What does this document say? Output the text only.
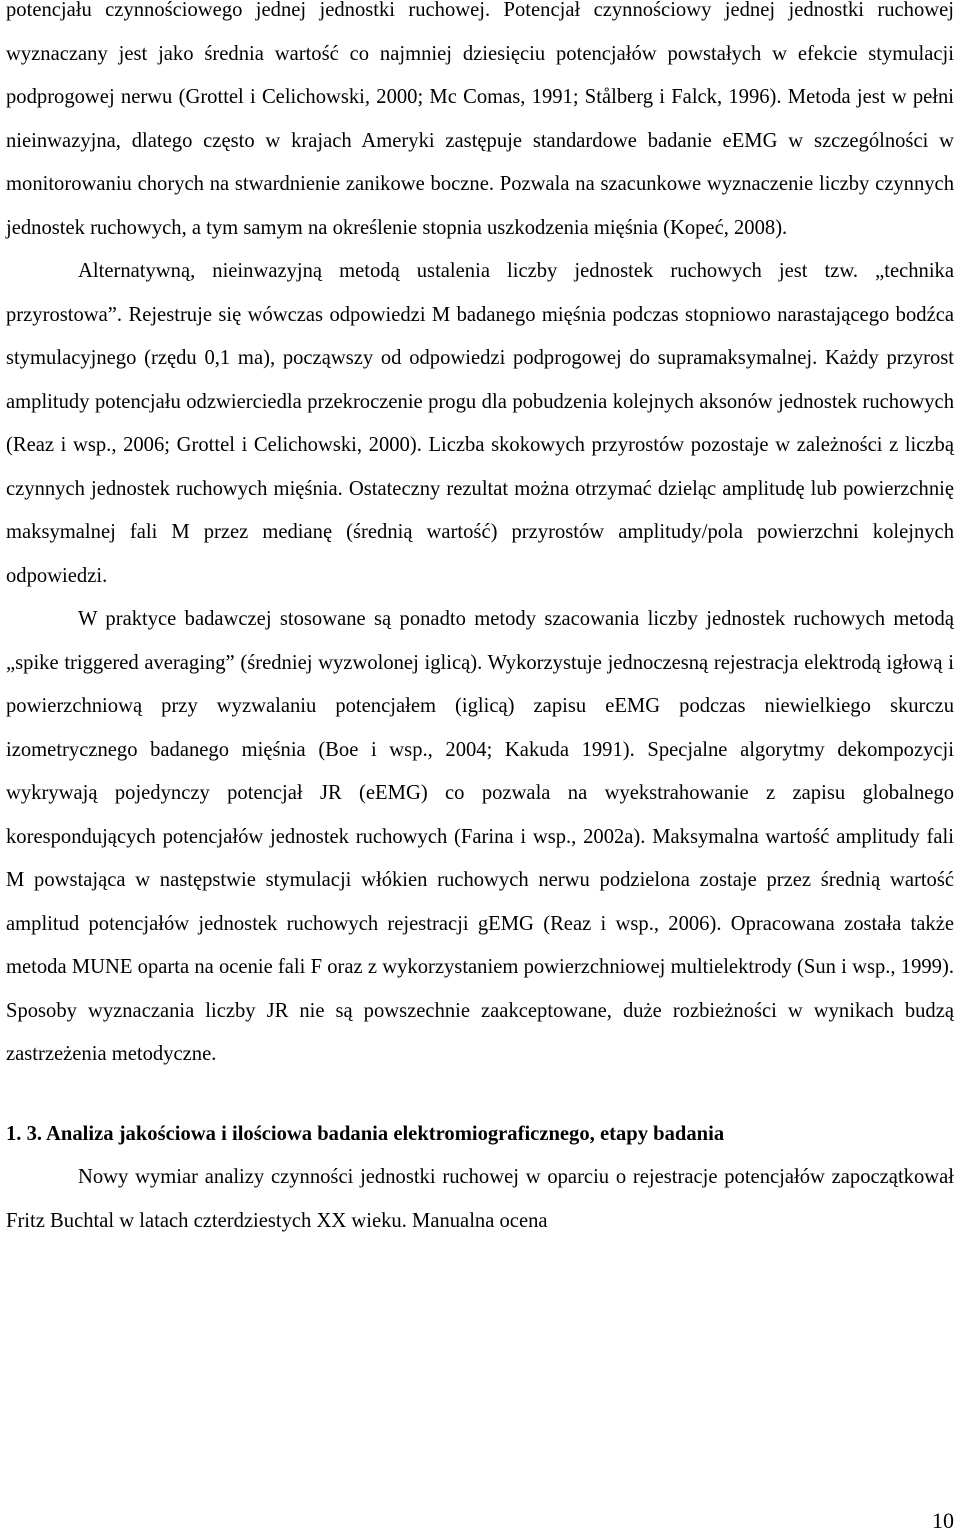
potencjału czynnościowego jednej jednostki ruchowej. Potencjał czynnościowy jednej jednostki ruchowej wyznaczany jest jako średnia wartość co najmniej dziesięciu potencjałów powstałych w efekcie stymulacji podprogowej nerwu (Grottel i Celichowski, 2000; Mc Comas, 1991; Stålberg i Falck, 1996). Metoda jest w pełni nieinwazyjna, dlatego często w krajach Ameryki zastępuje standardowe badanie eEMG w szczególności w monitorowaniu chorych na stwardnienie zanikowe boczne. Pozwala na szacunkowe wyznaczenie liczby czynnych jednostek ruchowych, a tym samym na określenie stopnia uszkodzenia mięśnia (Kopeć, 2008).

Alternatywną, nieinwazyjną metodą ustalenia liczby jednostek ruchowych jest tzw. „technika przyrostowa”. Rejestruje się wówczas odpowiedzi M badanego mięśnia podczas stopniowo narastającego bodźca stymulacyjnego (rzędu 0,1 ma), począwszy od odpowiedzi podprogowej do supramaksymalnej. Każdy przyrost amplitudy potencjału odzwierciedla przekroczenie progu dla pobudzenia kolejnych aksonów jednostek ruchowych (Reaz i wsp., 2006; Grottel i Celichowski, 2000). Liczba skokowych przyrostów pozostaje w zależności z liczbą czynnych jednostek ruchowych mięśnia. Ostateczny rezultat można otrzymać dzieląc amplitudę lub powierzchnię maksymalnej fali M przez medianę (średnią wartość) przyrostów amplitudy/pola powierzchni kolejnych odpowiedzi.

W praktyce badawczej stosowane są ponadto metody szacowania liczby jednostek ruchowych metodą „spike triggered averaging” (średniej wyzwolonej iglicą). Wykorzystuje jednoczesną rejestracja elektrodą igłową i powierzchniową przy wyzwalaniu potencjałem (iglicą) zapisu eEMG podczas niewielkiego skurczu izometrycznego badanego mięśnia (Boe i wsp., 2004; Kakuda 1991). Specjalne algorytmy dekompozycji wykrywają pojedynczy potencjał JR (eEMG) co pozwala na wyekstrahowanie z zapisu globalnego korespondujących potencjałów jednostek ruchowych (Farina i wsp., 2002a). Maksymalna wartość amplitudy fali M powstająca w następstwie stymulacji włókien ruchowych nerwu podzielona zostaje przez średnią wartość amplitud potencjałów jednostek ruchowych rejestracji gEMG (Reaz i wsp., 2006). Opracowana została także metoda MUNE oparta na ocenie fali F oraz z wykorzystaniem powierzchniowej multielektrody (Sun i wsp., 1999). Sposoby wyznaczania liczby JR nie są powszechnie zaakceptowane, duże rozbieżności w wynikach budzą zastrzeżenia metodyczne.

1. 3. Analiza jakościowa i ilościowa badania elektromiograficznego, etapy badania

Nowy wymiar analizy czynności jednostki ruchowej w oparciu o rejestracje potencjałów zapoczątkował Fritz Buchtal w latach czterdziestych XX wieku. Manualna ocena

10
